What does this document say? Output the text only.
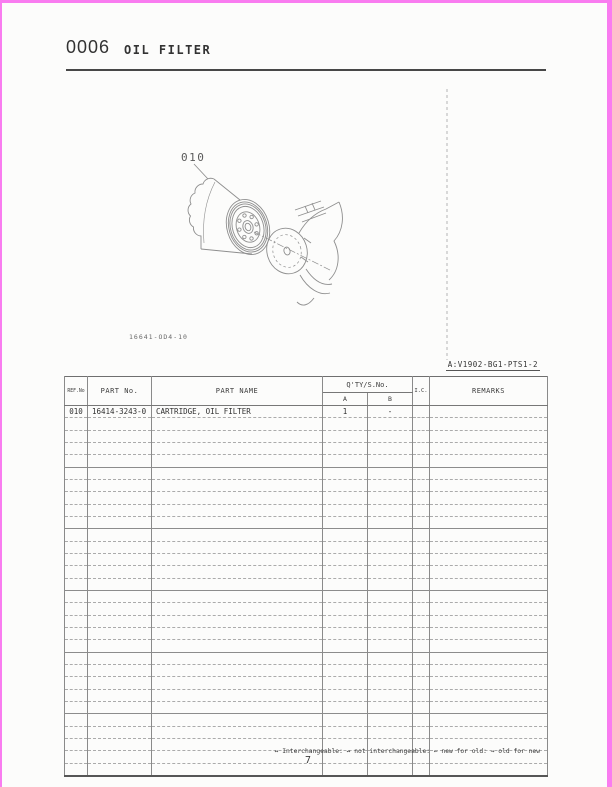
0006 OIL FILTER
010
16641-OD4-10
A:V1902-BG1-PTS1-2
REF.No	PART No.	PART NAME	Q'TY/S.No.		I.C.	REMARKS
			A	B		
010	16414-3243-0	CARTRIDGE, OIL FILTER	1	-		

↔ Interchangeable: ↛ not interchangeable: ← new for old: → old for new
7
